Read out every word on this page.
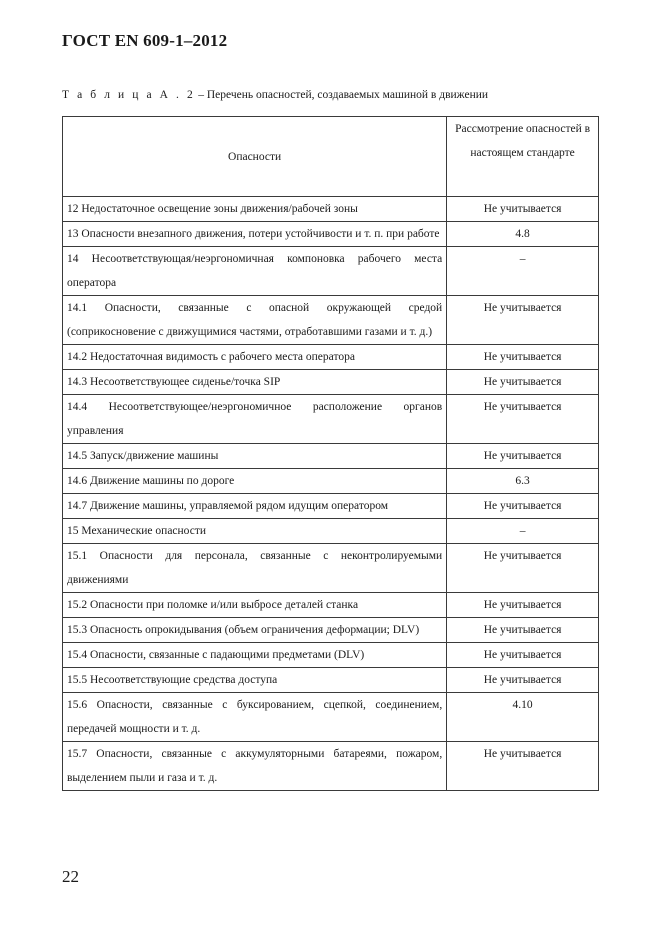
ГОСТ EN 609-1–2012
Т а б л и ц а А . 2 – Перечень опасностей, создаваемых машиной в движении
Опасности	Рассмотрение опасностей в настоящем стандарте
12 Недостаточное освещение зоны движения/рабочей зоны	Не учитывается
13 Опасности внезапного движения, потери устойчивости и т. п. при работе	4.8
14 Несоответствующая/неэргономичная компоновка рабочего места оператора	–
14.1 Опасности, связанные с опасной окружающей средой (соприкосновение с движущимися частями, отработавшими газами и т. д.)	Не учитывается
14.2 Недостаточная видимость с рабочего места оператора	Не учитывается
14.3 Несоответствующее сиденье/точка SIP	Не учитывается
14.4 Несоответствующее/неэргономичное расположение органов управления	Не учитывается
14.5 Запуск/движение машины	Не учитывается
14.6 Движение машины по дороге	6.3
14.7 Движение машины, управляемой рядом идущим оператором	Не учитывается
15 Механические опасности	–
15.1 Опасности для персонала, связанные с неконтролируемыми движениями	Не учитывается
15.2 Опасности при поломке и/или выбросе деталей станка	Не учитывается
15.3 Опасность опрокидывания (объем ограничения деформации; DLV)	Не учитывается
15.4 Опасности, связанные с падающими предметами (DLV)	Не учитывается
15.5 Несоответствующие средства доступа	Не учитывается
15.6 Опасности, связанные с буксированием, сцепкой, соединением, передачей мощности и т. д.	4.10
15.7 Опасности, связанные с аккумуляторными батареями, пожаром, выделением пыли и газа и т. д.	Не учитывается
22
